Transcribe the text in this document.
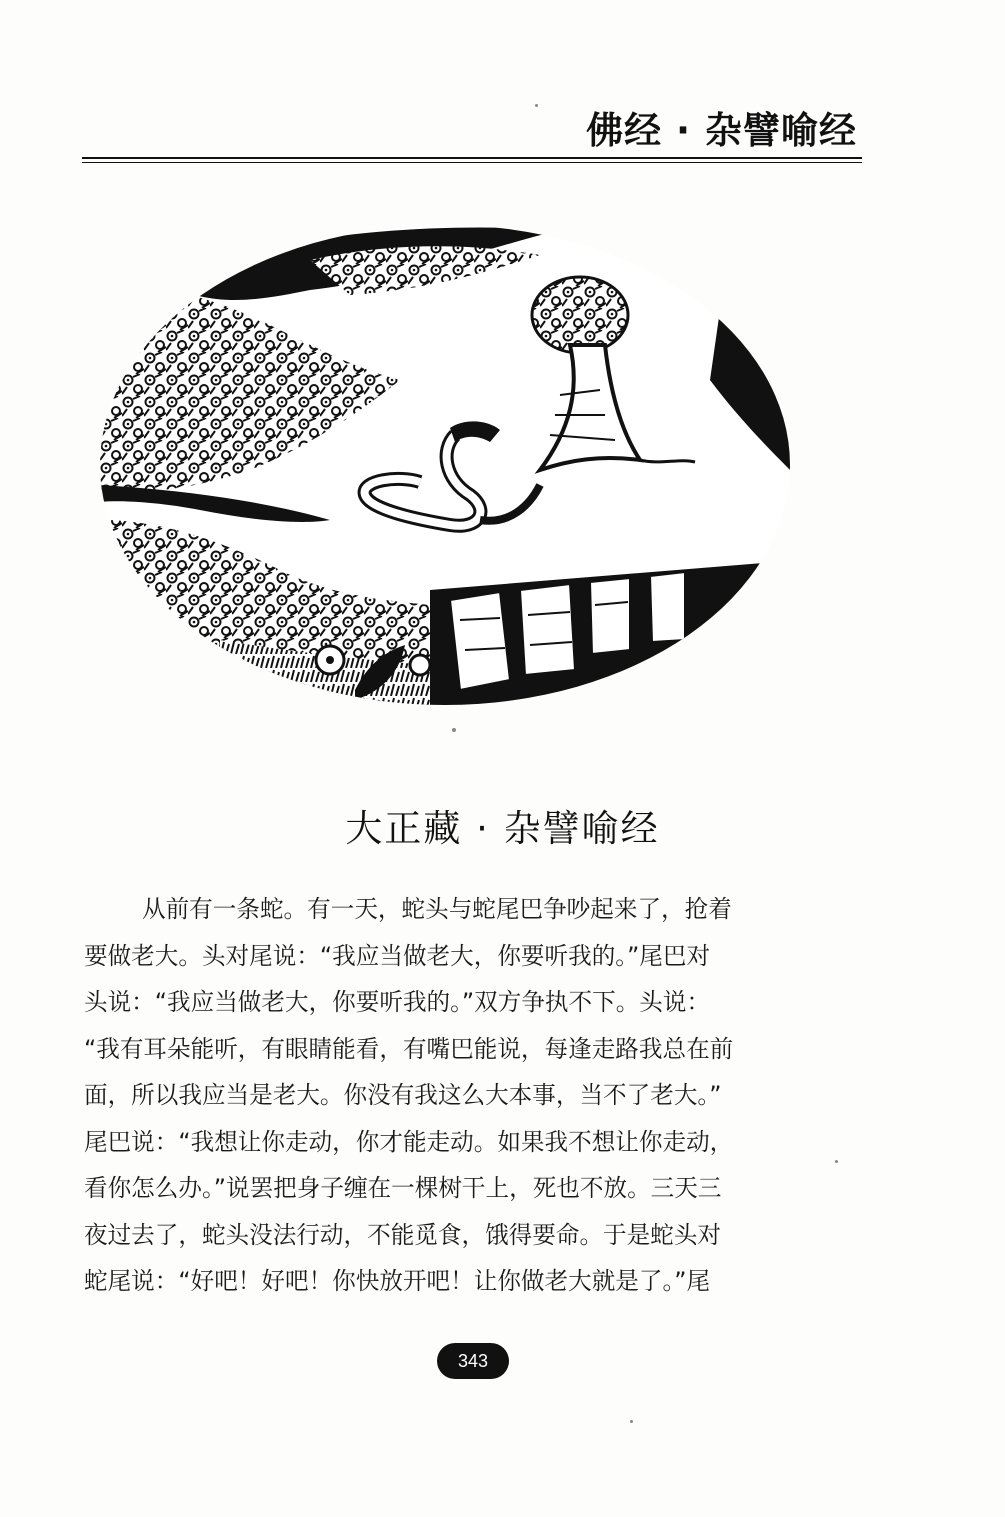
佛经 · 杂譬喻经
大正藏 · 杂譬喻经
从前有一条蛇。有一天，蛇头与蛇尾巴争吵起来了，抢着
要做老大。头对尾说：“我应当做老大，你要听我的。”尾巴对
头说：“我应当做老大，你要听我的。”双方争执不下。头说：
“我有耳朵能听，有眼睛能看，有嘴巴能说，每逢走路我总在前
面，所以我应当是老大。你没有我这么大本事，当不了老大。”
尾巴说：“我想让你走动，你才能走动。如果我不想让你走动，
看你怎么办。”说罢把身子缠在一棵树干上，死也不放。三天三
夜过去了，蛇头没法行动，不能觅食，饿得要命。于是蛇头对
蛇尾说：“好吧！好吧！你快放开吧！让你做老大就是了。”尾
343
